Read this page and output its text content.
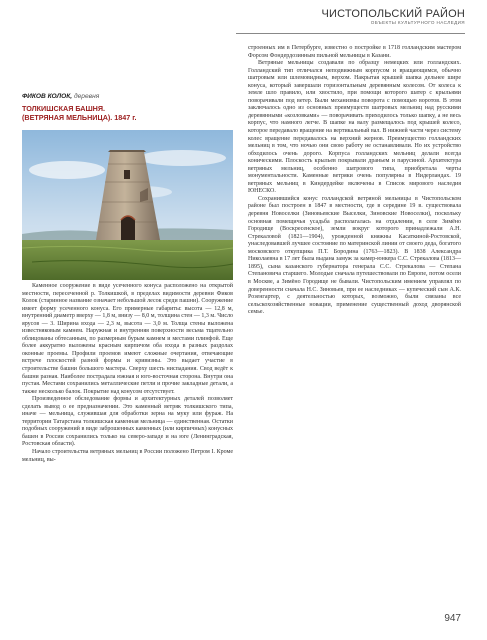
ЧИСТОПОЛЬСКИЙ РАЙОН
ОБЪЕКТЫ КУЛЬТУРНОГО НАСЛЕДИЯ
ФИКОВ КОЛОК, деревня
ТОЛКИШСКАЯ БАШНЯ.
(ВЕТРЯНАЯ МЕЛЬНИЦА). 1847 г.

Каменное сооружение в виде усеченного конуса расположено на открытой местности, пересеченной р. Толкишкой, в пределах видимости деревни Фиков Колок (старинное название означает небольшой лесок среди пашни). Сооружение имеет форму усеченного конуса. Его примерные габариты: высота — 12,8 м, внутренний диаметр вверху — 1,8 м, внизу — 8,0 м, толщина стен — 1,3 м. Число ярусов — 3. Ширина входа — 2,3 м, высота — 3,0 м. Толща стены выложена известняковым камнем. Наружная и внутренняя поверхности весьма тщательно облицованы обтесанным, по размерным бурым камнем и местами плинфой. Еще более аккуратно выложены красным кирпичом оба входа в разных раздолах оконные проемы. Профили проемов имеют сложные очертания, отвечающие встрече плоскостей разной формы и кривизны. Это выдает участие в строительстве башни большого мастера. Сверху шесть ниспадания. Свод ведёт к башни разная. Наиболее пострадала южная и юго-восточная сторона. Внутри она пустая. Местами сохранились металлические петли и прочие закладные детали, а также несколько балок. Покрытие над конусом отсутствует.

Произведенное обследование формы и архитектурных деталей позволяет сделать вывод о ее предназначении. Это каменный ветряк толкишского типа, иначе — мельница, служившая для обработки зерна на муку или фураж. На территории Татарстана толкишская каменная мельница — единственная. Остатки подобных сооружений в виде заброшенных каменных (или кирпичных) конусных башен в России сохранились только на северо-западе и на юге (Ленинградская, Ростовская области).

Начало строительства ветряных мельниц в России положено Петром I. Кроме мельниц, вы-

строенных им в Петербурге, известно о постройке в 1718 голландским мастером Форсом Фондердозинным пильной мельницы в Казани.

Ветряные мельницы создавали по образцу немецких или голландских. Голландский тип отличался неподвижным корпусом и вращающимся, обычно шатровым или шлемовидным, верхом. Накрытая крышей шапка дельнее шире конуса, который завершали горизонтальным деревянным колесом. От колеса к земле шло правило, или хвостило, при помощи которого шатер с крыльями поворачивали под ветер. Были механизмы поворота с помощью воротов. В этом заключалось одно из основных преимуществ шатровых мельниц над русскими деревянными «козловками» — поворачивать приходилось только шапку, а не весь корпус, что намного легче. В шапке на валу размещалось под крышей колесо, которое передавало вращение на вертикальный вал. В нижней части через систему колес вращение передавалось на верхний жернов. Преимущество голландских мельниц в том, что ночью они свою работу не останавливали. Но их устройство обходилось очень дорого. Корпуса голландских мельниц делали всегда коническими. Плоскость крыльев покрывали драньем и парусиной. Архитектура ветряных мельниц, особенно шатрового типа, приобретала черты монументальности. Каменные ветряки очень популярны в Нидерландах. 19 ветряных мельниц в Киндердейке включены в Список мирового наследия ЮНЕСКО.

Сохранившийся конус голландской ветряной мельницы в Чистопольском районе был построен в 1847 в местности, где в середине 19 в. существовала деревня Новоселки (Зиновьевские Выселки, Зиновские Новоселки), поскольку основная помещичья усадьба располагалась на отдалении, в селе Зимёно Городище (Воскресенское), земли вокруг которого принадлежали А.Н. Стрекаловой (1821—1904), урожденной княжны Касаткиной-Ростовской, унаследовавшей лучшее состояние по материнской линии от своего деда, богатого московского откупщика П.Т. Бородина (1763—1823). В 1838 Александра Николаевна в 17 лет была выдана замуж за камер-юнкера С.С. Стрекалова (1813—1895), сына казанского губернатора генерала С.С. Стрекалова — Степана Степановича старшего. Молодые сначала путешествовали по Европе, потом осели в Москве, а Зимёно Городище не бывали. Чистопольским имением управлял по доверенности сначала Н.С. Зиновьев, при ее наследниках — купеческий сын А.К. Розенгартер, с деятельностью которых, возможно, были связаны все сельскохозяйственные новации, применение существенный доход дворянской семье.

947
